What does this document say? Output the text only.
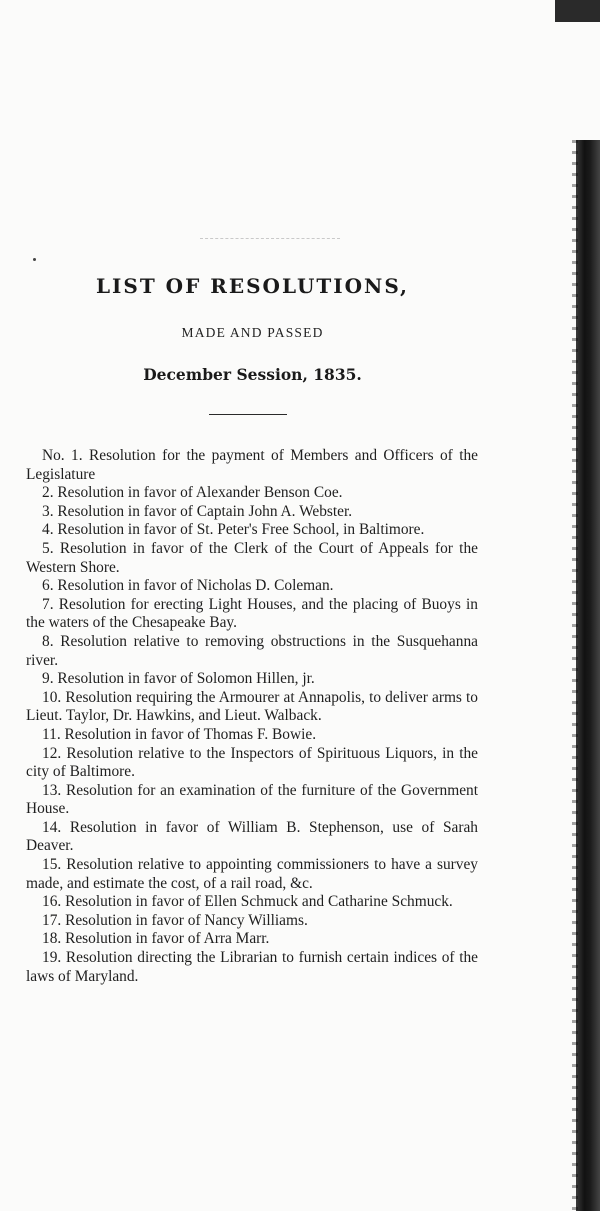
LIST OF RESOLUTIONS,
MADE AND PASSED
December Session, 1835.
No. 1. Resolution for the payment of Members and Officers of the Legislature
2. Resolution in favor of Alexander Benson Coe.
3. Resolution in favor of Captain John A. Webster.
4. Resolution in favor of St. Peter's Free School, in Baltimore.
5. Resolution in favor of the Clerk of the Court of Appeals for the Western Shore.
6. Resolution in favor of Nicholas D. Coleman.
7. Resolution for erecting Light Houses, and the placing of Buoys in the waters of the Chesapeake Bay.
8. Resolution relative to removing obstructions in the Susquehanna river.
9. Resolution in favor of Solomon Hillen, jr.
10. Resolution requiring the Armourer at Annapolis, to deliver arms to Lieut. Taylor, Dr. Hawkins, and Lieut. Walback.
11. Resolution in favor of Thomas F. Bowie.
12. Resolution relative to the Inspectors of Spirituous Liquors, in the city of Baltimore.
13. Resolution for an examination of the furniture of the Government House.
14. Resolution in favor of William B. Stephenson, use of Sarah Deaver.
15. Resolution relative to appointing commissioners to have a survey made, and estimate the cost, of a rail road, &c.
16. Resolution in favor of Ellen Schmuck and Catharine Schmuck.
17. Resolution in favor of Nancy Williams.
18. Resolution in favor of Arra Marr.
19. Resolution directing the Librarian to furnish certain indices of the laws of Maryland.
